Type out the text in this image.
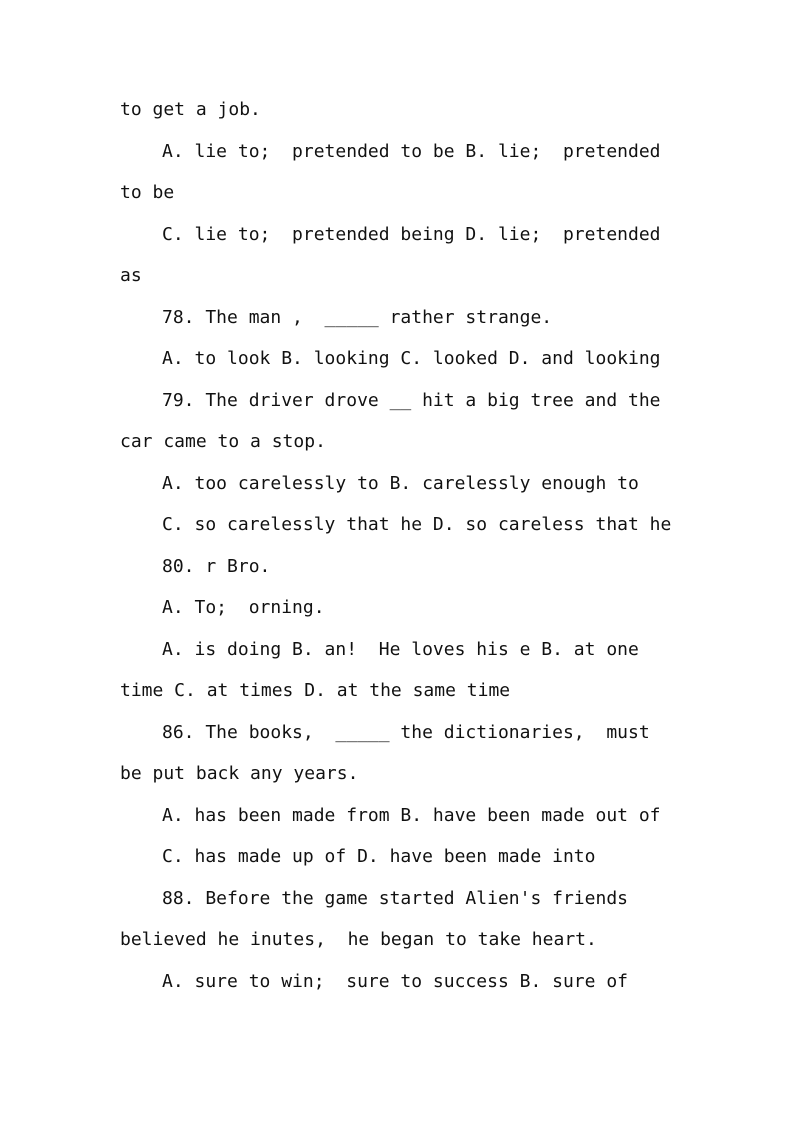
to get a job.
A. lie to;  pretended to be B. lie;  pretended
to be
C. lie to;  pretended being D. lie;  pretended
as
78. The man ,  _____ rather strange.
A. to look B. looking C. looked D. and looking
79. The driver drove __ hit a big tree and the
car came to a stop.
A. too carelessly to B. carelessly enough to
C. so carelessly that he D. so careless that he
80. r Bro.
A. To;  orning.
A. is doing B. an!  He loves his e B. at one
time C. at times D. at the same time
86. The books,  _____ the dictionaries,  must
be put back any years.
A. has been made from B. have been made out of
C. has made up of D. have been made into
88. Before the game started Alien's friends
believed he inutes,  he began to take heart.
A. sure to win;  sure to success B. sure of
